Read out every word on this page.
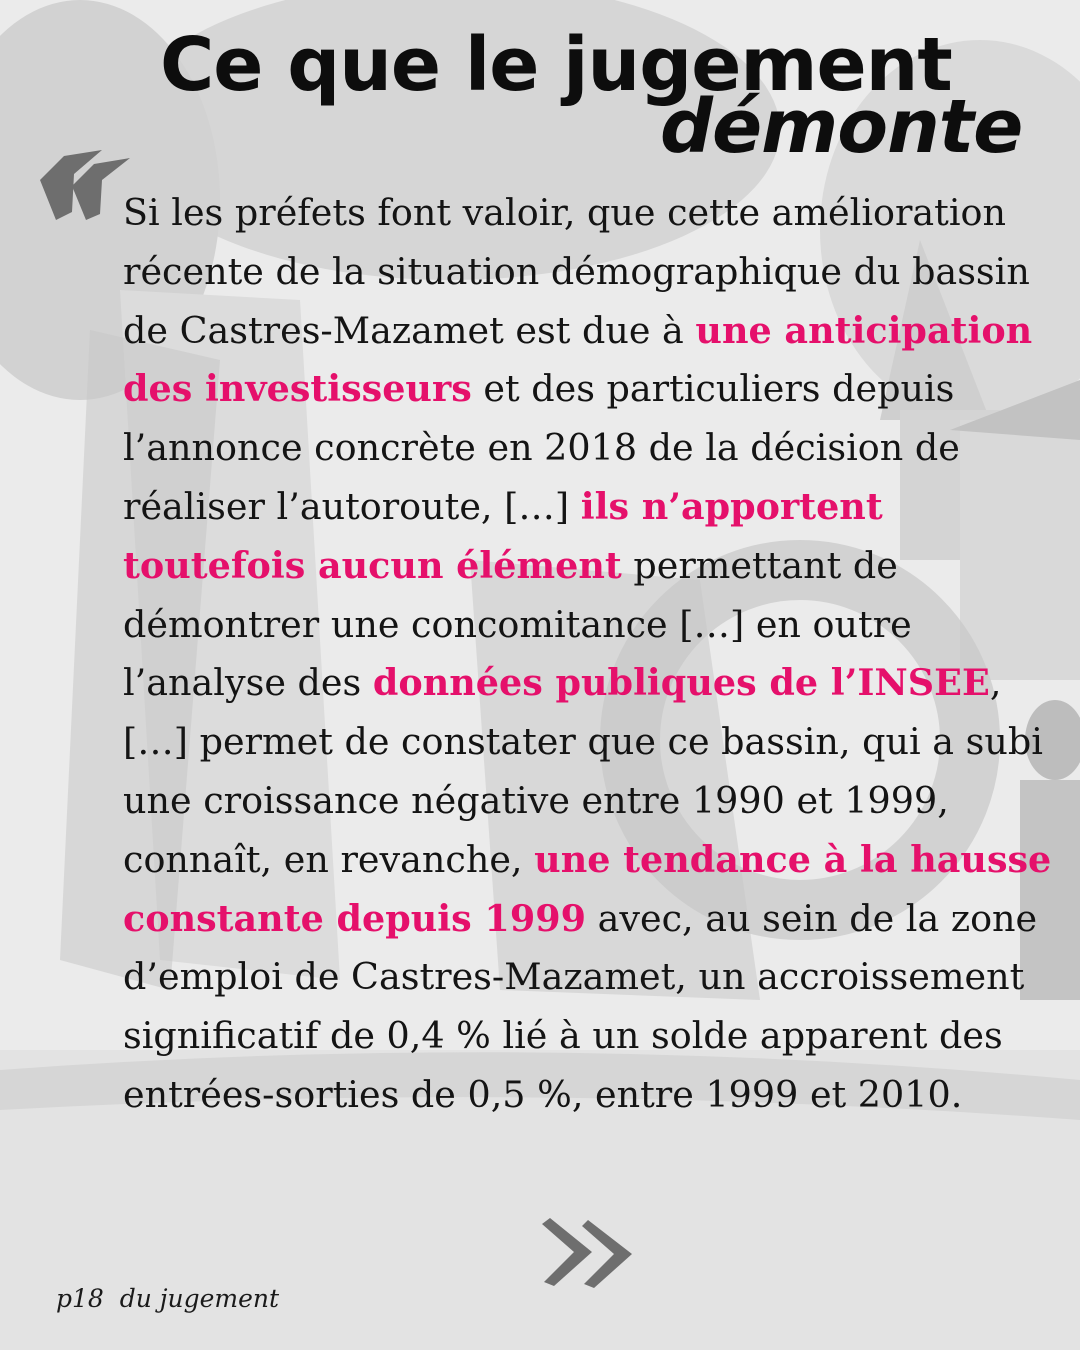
Ce que le jugement
démonte

Si les préfets font valoir, que cette amélioration récente de la situation démographique du bassin de Castres-Mazamet est due à une anticipation des investisseurs et des particuliers depuis l’annonce concrète en 2018 de la décision de réaliser l’autoroute, […] ils n’apportent toutefois aucun élément permettant de démontrer une concomitance […] en outre l’analyse des données publiques de l’INSEE, […] permet de constater que ce bassin, qui a subi une croissance négative entre 1990 et 1999, connaît, en revanche, une tendance à la hausse constante depuis 1999 avec, au sein de la zone d’emploi de Castres-Mazamet, un accroissement significatif de 0,4 % lié à un solde apparent des entrées-sorties de 0,5 %, entre 1999 et 2010.

p18  du jugement
